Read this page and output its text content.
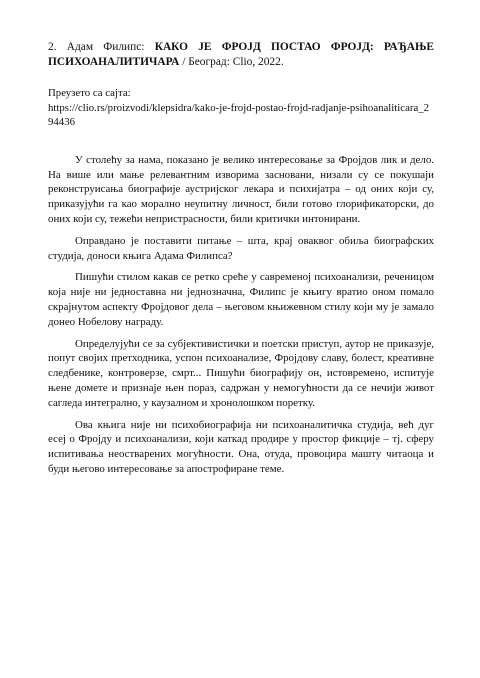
2. Адам Филипс: КАКО ЈЕ ФРОЈД ПОСТАО ФРОЈД: РАЂАЊЕ ПСИХОАНАЛИТИЧАРА / Београд: Clio, 2022.

Преузето са сајта:
https://clio.rs/proizvodi/klepsidra/kako-je-frojd-postao-frojd-radjanje-psihoanaliticara_294436

У столећу за нама, показано је велико интересовање за Фројдов лик и дело. На више или мање релевантним изворима засновани, низали су се покушаји реконструисања биографије аустријског лекара и психијатра – од оних који су, приказујући га као морално неупитну личност, били готово глорификаторски, до оних који су, тежећи непристрасности, били критички интонирани.

Оправдано је поставити питање – шта, крај оваквог обиља биографских студија, доноси књига Адама Филипса?

Пишући стилом какав се ретко среће у савременој психоанализи, реченицом која није ни једноставна ни једнозначна, Филипс је књигу вратио оном помало скрајнутом аспекту Фројдовог дела – његовом књижевном стилу који му је замало донео Нобелову награду.

Определујући се за субјективистички и поетски приступ, аутор не приказује, попут својих претходника, успон психоанализе, Фројдову славу, болест, креативне следбенике, контроверзе, смрт... Пишући биографију он, истовремено, испитује њене домете и признаје њен пораз, садржан у немогућности да се нечији живот сагледа интегрално, у каузалном и хронолошком поретку.

Ова књига није ни психобиографија ни психоаналитичка студија, већ дуг есеј о Фројду и психоанализи, који каткад продире у простор фикције – тј. сферу испитивања неостварених могућности. Она, отуда, провоцира машту читаоца и буди његово интересовање за апострофиране теме.
